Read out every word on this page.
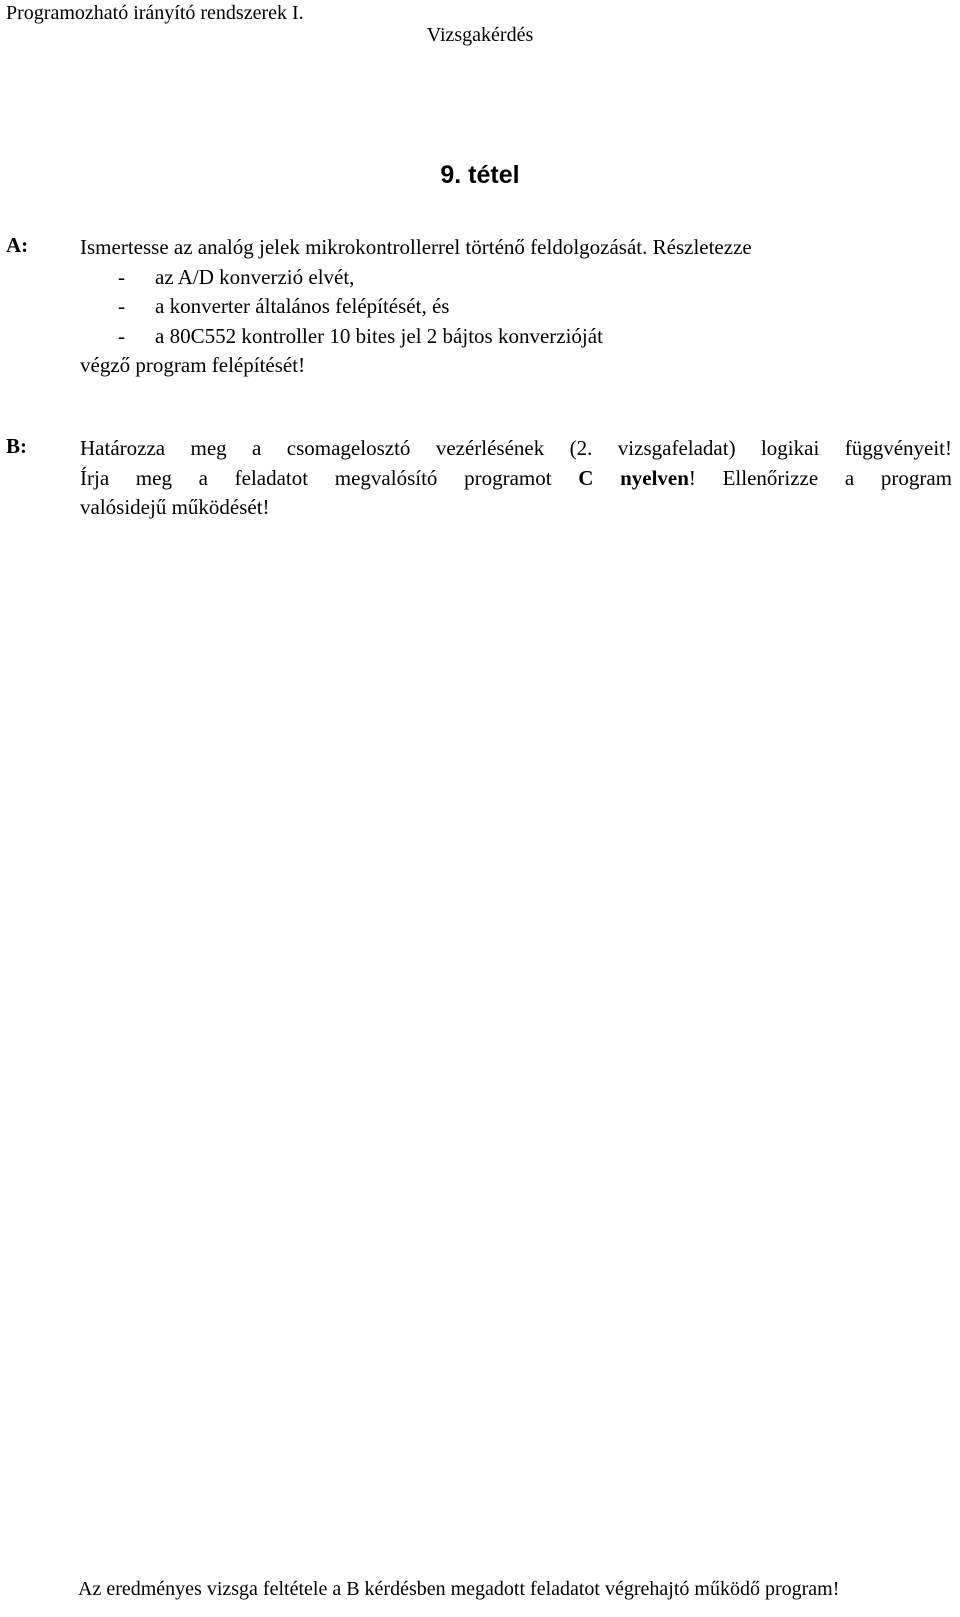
Programozható irányító rendszerek I.
Vizsgakérdés
9. tétel
A: Ismertesse az analóg jelek mikrokontrollerrel történő feldolgozását. Részletezze
- az A/D konverzió elvét,
- a konverter általános felépítését, és
- a 80C552 kontroller 10 bites jel 2 bájtos konverzióját
végző program felépítését!
B:	Határozza meg a csomagelosztó vezérlésének (2. vizsgafeladat) logikai függvényeit!
Írja meg a feladatot megvalósító programot C nyelven! Ellenőrizze a program
valósidejű működését!
Az eredményes vizsga feltétele a B kérdésben megadott feladatot végrehajtó működő program!
